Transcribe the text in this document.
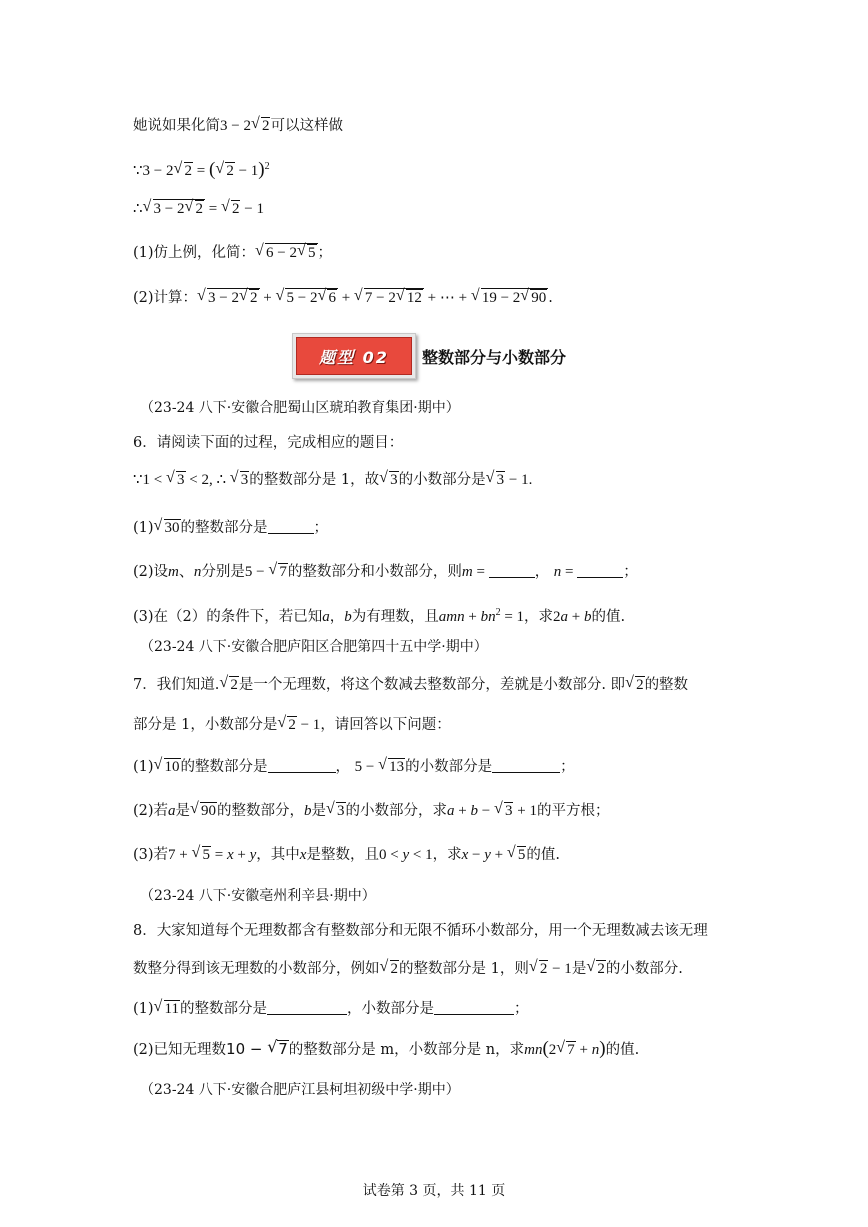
她说如果化简3 − 2 √ 2可以这样做
∵3 − 2 √ 2 = ( √ 2 − 1)$^2$
∴ √ 3 − 2 √ 2 = √ 2 − 1
(1)仿上例，化简： √ 6 − 2 √ 5 ；
(2)计算： √ 3 − 2 √ 2 + √ 5 − 2 √ 6 + √ 7 − 2 √ 12 + ⋯ + √ 19 − 2 √ 90 .
题型 02	整数部分与小数部分
（23-24 八下·安徽合肥蜀山区琥珀教育集团·期中）
6．请阅读下面的过程，完成相应的题目：
∵1 < √ 3 < 2, ∴ √ 3的整数部分是 1，故 √ 3的小数部分是 √ 3 − 1.
(1) √ 30的整数部分是	；
(2)设m、n分别是5 − √ 7的整数部分和小数部分，则m =	， n =	；
(3)在（2）的条件下，若已知a，b为有理数，且amn + $bn^2 = 1$，求2a + b的值.
（23-24 八下·安徽合肥庐阳区合肥第四十五中学·期中）
7．我们知道. √ 2是一个无理数，将这个数减去整数部分，差就是小数部分. 即 √ 2的整数
部分是 1，小数部分是 √ 2 − 1，请回答以下问题：
(1) √ 10的整数部分是	， 5 − √ 13的小数部分是	；
(2)若a是 √ 90的整数部分，b是 √ 3的小数部分，求a + b − √ 3 + 1的平方根；
(3)若7 + √ 5 = x + y，其中x是整数，且0 < y < 1，求x − y + √ 5的值.
（23-24 八下·安徽亳州利辛县·期中）
8．大家知道每个无理数都含有整数部分和无限不循环小数部分，用一个无理数减去该无理
数整分得到该无理数的小数部分，例如 √ 2的整数部分是 1，则 √ 2 − 1是 √ 2的小数部分.
(1) √ 11的整数部分是	，小数部分是	；
(2)已知无理数10 − √ 7的整数部分是 m，小数部分是 n，求mn(2 √ 7 + n)的值.
（23-24 八下·安徽合肥庐江县柯坦初级中学·期中）
试卷第 3 页，共 11 页
